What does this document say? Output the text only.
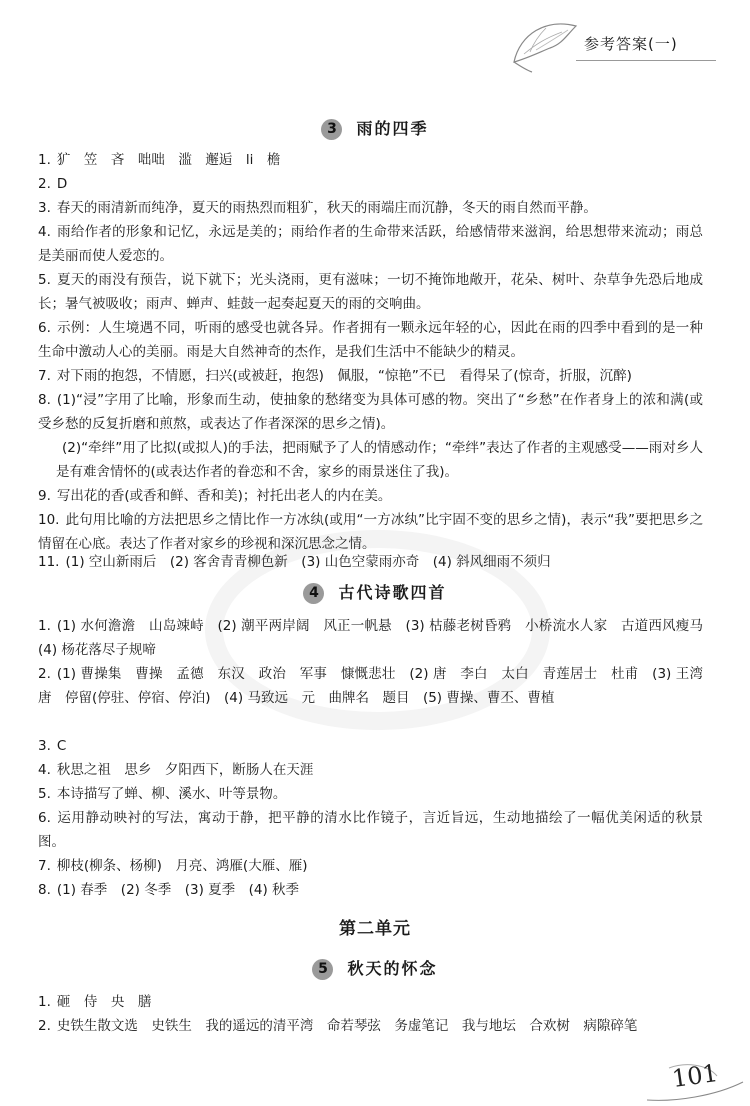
参考答案(一)
3 雨的四季
1. 犷　笠　吝　咄咄　滥　邂逅　li　檐
2. D
3. 春天的雨清新而纯净，夏天的雨热烈而粗犷，秋天的雨端庄而沉静，冬天的雨自然而平静。
4. 雨给作者的形象和记忆，永远是美的；雨给作者的生命带来活跃，给感情带来滋润，给思想带来流动；雨总是美丽而使人爱恋的。
5. 夏天的雨没有预告，说下就下；光头浇雨，更有滋味；一切不掩饰地敞开，花朵、树叶、杂草争先恐后地成长；暑气被吸收；雨声、蝉声、蛙鼓一起奏起夏天的雨的交响曲。
6. 示例：人生境遇不同，听雨的感受也就各异。作者拥有一颗永远年轻的心，因此在雨的四季中看到的是一种生命中激动人心的美丽。雨是大自然神奇的杰作，是我们生活中不能缺少的精灵。
7. 对下雨的抱怨，不情愿，扫兴(或被赶，抱怨)　佩服，“惊艳”不已　看得呆了(惊奇，折服，沉醉)
8. (1)“浸”字用了比喻，形象而生动，使抽象的愁绪变为具体可感的物。突出了“乡愁”在作者身上的浓和满(或受乡愁的反复折磨和煎熬，或表达了作者深深的思乡之情)。
(2)“牵绊”用了比拟(或拟人)的手法，把雨赋予了人的情感动作；“牵绊”表达了作者的主观感受——雨对乡人是有难舍情怀的(或表达作者的眷恋和不舍，家乡的雨景迷住了我)。
9. 写出花的香(或香和鲜、香和美)；衬托出老人的内在美。
10. 此句用比喻的方法把思乡之情比作一方冰纨(或用“一方冰纨”比宇固不变的思乡之情)，表示“我”要把思乡之情留在心底。表达了作者对家乡的珍视和深沉思念之情。
11. (1) 空山新雨后　(2) 客舍青青柳色新　(3) 山色空蒙雨亦奇　(4) 斜风细雨不须归
4 古代诗歌四首
1. (1) 水何澹澹　山岛竦峙　(2) 潮平两岸阔　风正一帆悬　(3) 枯藤老树昏鸦　小桥流水人家　古道西风瘦马　(4) 杨花落尽子规啼
2. (1) 曹操集　曹操　孟德　东汉　政治　军事　慷慨悲壮　(2) 唐　李白　太白　青莲居士　杜甫　(3) 王湾　唐　停留(停驻、停宿、停泊)　(4) 马致远　元　曲牌名　题目　(5) 曹操、曹丕、曹植
3. C
4. 秋思之祖　思乡　夕阳西下，断肠人在天涯
5. 本诗描写了蝉、柳、溪水、叶等景物。
6. 运用静动映衬的写法，寓动于静，把平静的清水比作镜子，言近旨远，生动地描绘了一幅优美闲适的秋景图。
7. 柳枝(柳条、杨柳)　月亮、鸿雁(大雁、雁)
8. (1) 春季　(2) 冬季　(3) 夏季　(4) 秋季
第二单元
5 秋天的怀念
1. 砸　侍　央　膳
2. 史铁生散文选　史铁生　我的遥远的清平湾　命若琴弦　务虚笔记　我与地坛　合欢树　病隙碎笔
101
